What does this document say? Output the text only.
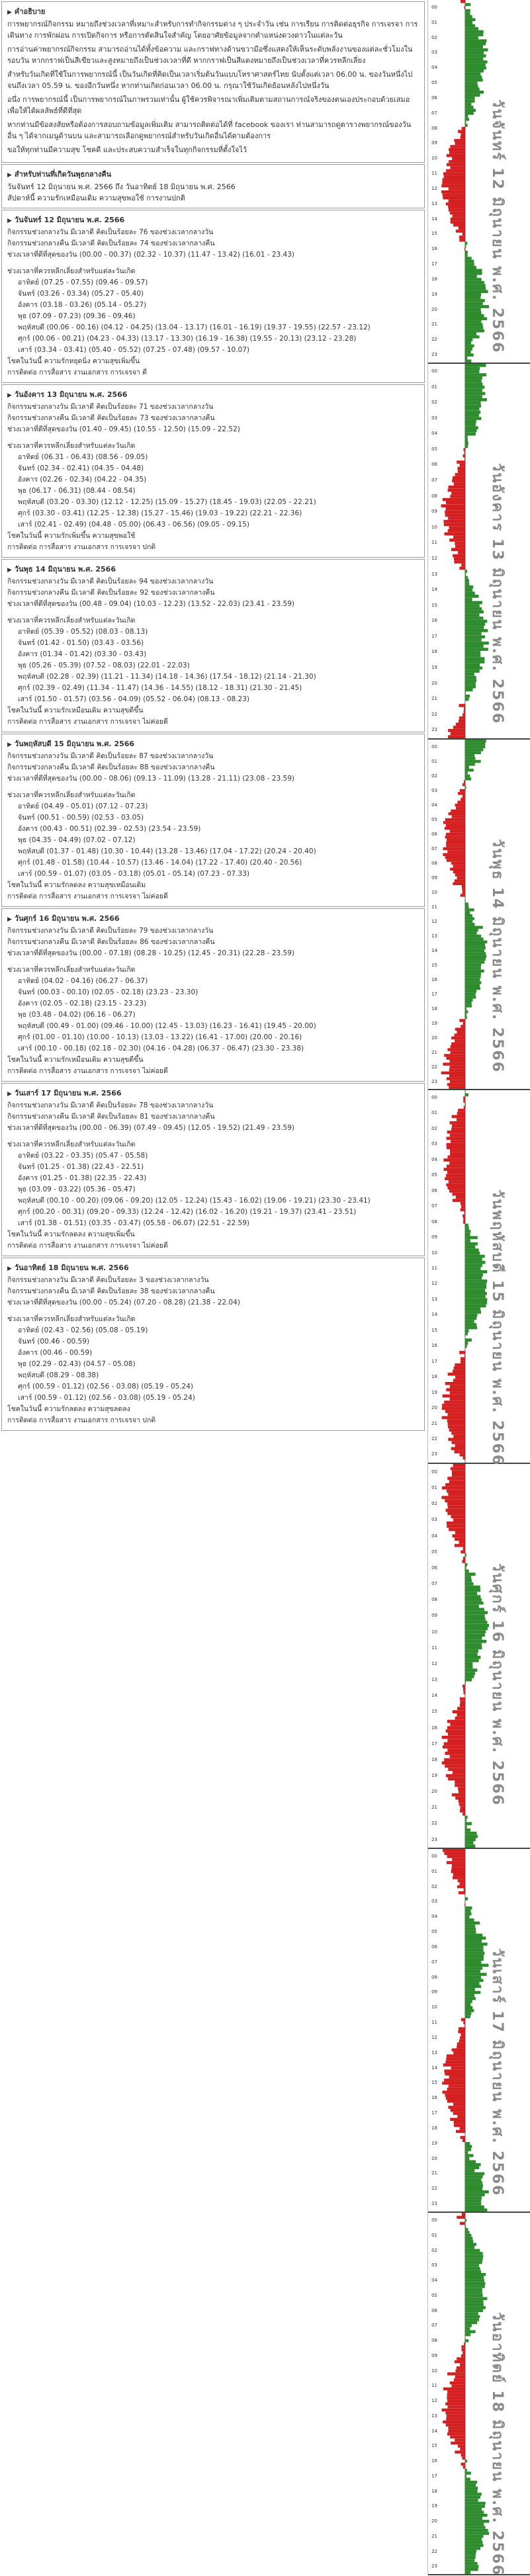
▶ คำอธิบาย

การพยากรณ์กิจกรรม หมายถึงช่วงเวลาที่เหมาะสำหรับการทำกิจกรรมต่าง ๆ ประจำวัน เช่น การเรียน การติดต่อธุรกิจ การเจรจา การเดินทาง การพักผ่อน การเปิดกิจการ หรือการตัดสินใจสำคัญ โดยอาศัยข้อมูลจากตำแหน่งดวงดาวในแต่ละวัน

การอ่านค่าพยากรณ์กิจกรรม สามารถอ่านได้ทั้งข้อความ และกราฟทางด้านขวามือซึ่งแสดงให้เห็นระดับพลังงานของแต่ละชั่วโมงในรอบวัน หากกราฟเป็นสีเขียวและสูงหมายถึงเป็นช่วงเวลาที่ดี หากกราฟเป็นสีแดงหมายถึงเป็นช่วงเวลาที่ควรหลีกเลี่ยง

สำหรับวันเกิดที่ใช้ในการพยากรณ์นี้ เป็นวันเกิดที่คิดเป็นเวลาเริ่มต้นวันแบบโหราศาสตร์ไทย นับตั้งแต่เวลา 06.00 น. ของวันหนึ่งไปจนถึงเวลา 05.59 น. ของอีกวันหนึ่ง หากท่านเกิดก่อนเวลา 06.00 น. กรุณาใช้วันเกิดย้อนหลังไปหนึ่งวัน

อนึ่ง การพยากรณ์นี้ เป็นการพยากรณ์ในภาพรวมเท่านั้น ผู้ใช้ควรพิจารณาเพิ่มเติมตามสถานการณ์จริงของตนเองประกอบด้วยเสมอ เพื่อให้ได้ผลลัพธ์ที่ดีที่สุด

หากท่านมีข้อสงสัยหรือต้องการสอบถามข้อมูลเพิ่มเติม สามารถติดต่อได้ที่ facebook ของเรา ท่านสามารถดูตารางพยากรณ์ของวันอื่น ๆ ได้จากเมนูด้านบน และสามารถเลือกดูพยากรณ์สำหรับวันเกิดอื่นได้ตามต้องการ

ขอให้ทุกท่านมีความสุข โชคดี และประสบความสำเร็จในทุกกิจกรรมที่ตั้งใจไว้

▶ สำหรับท่านที่เกิดวันพุธกลางคืน
วันจันทร์ 12 มิถุนายน พ.ศ. 2566 ถึง วันอาทิตย์ 18 มิถุนายน พ.ศ. 2566
สัปดาห์นี้ ความรักเหมือนเดิม ความสุขพอใช้ การงานปกติ
▶ วันจันทร์ 12 มิถุนายน พ.ศ. 2566
กิจกรรมช่วงกลางวัน มีเวลาดี คิดเป็นร้อยละ 76 ของช่วงเวลากลางวัน
กิจกรรมช่วงกลางคืน มีเวลาดี คิดเป็นร้อยละ 74 ของช่วงเวลากลางคืน
ช่วงเวลาที่ดีที่สุดของวัน (00.00 - 00.37) (02.32 - 10.37) (11.47 - 13.42) (16.01 - 23.43)
ช่วงเวลาที่ควรหลีกเลี่ยงสำหรับแต่ละวันเกิด
อาทิตย์ (07.25 - 07.55) (09.46 - 09.57)
จันทร์ (03.26 - 03.34) (05.27 - 05.40)
อังคาร (03.18 - 03.26) (05.14 - 05.27)
พุธ (07.09 - 07.23) (09.36 - 09.46)
พฤหัสบดี (00.06 - 00.16) (04.12 - 04.25) (13.04 - 13.17) (16.01 - 16.19) (19.37 - 19.55) (22.57 - 23.12)
ศุกร์ (00.06 - 00.21) (04.23 - 04.33) (13.17 - 13.30) (16.19 - 16.38) (19.55 - 20.13) (23.12 - 23.28)
เสาร์ (03.34 - 03.41) (05.40 - 05.52) (07.25 - 07.48) (09.57 - 10.07)
โชคในวันนี้ ความรักหยุดนิ่ง ความสุขเพิ่มขึ้น
การติดต่อ การสื่อสาร งานเอกสาร การเจรจา ดี
▶ วันอังคาร 13 มิถุนายน พ.ศ. 2566
กิจกรรมช่วงกลางวัน มีเวลาดี คิดเป็นร้อยละ 71 ของช่วงเวลากลางวัน
กิจกรรมช่วงกลางคืน มีเวลาดี คิดเป็นร้อยละ 73 ของช่วงเวลากลางคืน
ช่วงเวลาที่ดีที่สุดของวัน (01.40 - 09.45) (10.55 - 12.50) (15.09 - 22.52)
ช่วงเวลาที่ควรหลีกเลี่ยงสำหรับแต่ละวันเกิด
อาทิตย์ (06.31 - 06.43) (08.56 - 09.05)
จันทร์ (02.34 - 02.41) (04.35 - 04.48)
อังคาร (02.26 - 02.34) (04.22 - 04.35)
พุธ (06.17 - 06.31) (08.44 - 08.54)
พฤหัสบดี (03.20 - 03.30) (12.12 - 12.25) (15.09 - 15.27) (18.45 - 19.03) (22.05 - 22.21)
ศุกร์ (03.30 - 03.41) (12.25 - 12.38) (15.27 - 15.46) (19.03 - 19.22) (22.21 - 22.36)
เสาร์ (02.41 - 02.49) (04.48 - 05.00) (06.43 - 06.56) (09.05 - 09.15)
โชคในวันนี้ ความรักเพิ่มขึ้น ความสุขพอใช้
การติดต่อ การสื่อสาร งานเอกสาร การเจรจา ปกติ
▶ วันพุธ 14 มิถุนายน พ.ศ. 2566
กิจกรรมช่วงกลางวัน มีเวลาดี คิดเป็นร้อยละ 94 ของช่วงเวลากลางวัน
กิจกรรมช่วงกลางคืน มีเวลาดี คิดเป็นร้อยละ 92 ของช่วงเวลากลางคืน
ช่วงเวลาที่ดีที่สุดของวัน (00.48 - 09.04) (10.03 - 12.23) (13.52 - 22.03) (23.41 - 23.59)
ช่วงเวลาที่ควรหลีกเลี่ยงสำหรับแต่ละวันเกิด
อาทิตย์ (05.39 - 05.52) (08.03 - 08.13)
จันทร์ (01.42 - 01.50) (03.43 - 03.56)
อังคาร (01.34 - 01.42) (03.30 - 03.43)
พุธ (05.26 - 05.39) (07.52 - 08.03) (22.01 - 22.03)
พฤหัสบดี (02.28 - 02.39) (11.21 - 11.34) (14.18 - 14.36) (17.54 - 18.12) (21.14 - 21.30)
ศุกร์ (02.39 - 02.49) (11.34 - 11.47) (14.36 - 14.55) (18.12 - 18.31) (21.30 - 21.45)
เสาร์ (01.50 - 01.57) (03.56 - 04.09) (05.52 - 06.04) (08.13 - 08.23)
โชคในวันนี้ ความรักเหมือนเดิม ความสุขดีขึ้น
การติดต่อ การสื่อสาร งานเอกสาร การเจรจา ไม่ค่อยดี
▶ วันพฤหัสบดี 15 มิถุนายน พ.ศ. 2566
กิจกรรมช่วงกลางวัน มีเวลาดี คิดเป็นร้อยละ 87 ของช่วงเวลากลางวัน
กิจกรรมช่วงกลางคืน มีเวลาดี คิดเป็นร้อยละ 88 ของช่วงเวลากลางคืน
ช่วงเวลาที่ดีที่สุดของวัน (00.00 - 08.06) (09.13 - 11.09) (13.28 - 21.11) (23.08 - 23.59)
ช่วงเวลาที่ควรหลีกเลี่ยงสำหรับแต่ละวันเกิด
อาทิตย์ (04.49 - 05.01) (07.12 - 07.23)
จันทร์ (00.51 - 00.59) (02.53 - 03.05)
อังคาร (00.43 - 00.51) (02.39 - 02.53) (23.54 - 23.59)
พุธ (04.35 - 04.49) (07.02 - 07.12)
พฤหัสบดี (01.37 - 01.48) (10.30 - 10.44) (13.28 - 13.46) (17.04 - 17.22) (20.24 - 20.40)
ศุกร์ (01.48 - 01.58) (10.44 - 10.57) (13.46 - 14.04) (17.22 - 17.40) (20.40 - 20.56)
เสาร์ (00.59 - 01.07) (03.05 - 03.18) (05.01 - 05.14) (07.23 - 07.33)
โชคในวันนี้ ความรักลดลง ความสุขเหมือนเดิม
การติดต่อ การสื่อสาร งานเอกสาร การเจรจา ไม่ค่อยดี
▶ วันศุกร์ 16 มิถุนายน พ.ศ. 2566
กิจกรรมช่วงกลางวัน มีเวลาดี คิดเป็นร้อยละ 79 ของช่วงเวลากลางวัน
กิจกรรมช่วงกลางคืน มีเวลาดี คิดเป็นร้อยละ 86 ของช่วงเวลากลางคืน
ช่วงเวลาที่ดีที่สุดของวัน (00.00 - 07.18) (08.28 - 10.25) (12.45 - 20.31) (22.28 - 23.59)
ช่วงเวลาที่ควรหลีกเลี่ยงสำหรับแต่ละวันเกิด
อาทิตย์ (04.02 - 04.16) (06.27 - 06.37)
จันทร์ (00.03 - 00.10) (02.05 - 02.18) (23.23 - 23.30)
อังคาร (02.05 - 02.18) (23.15 - 23.23)
พุธ (03.48 - 04.02) (06.16 - 06.27)
พฤหัสบดี (00.49 - 01.00) (09.46 - 10.00) (12.45 - 13.03) (16.23 - 16.41) (19.45 - 20.00)
ศุกร์ (01.00 - 01.10) (10.00 - 10.13) (13.03 - 13.22) (16.41 - 17.00) (20.00 - 20.16)
เสาร์ (00.10 - 00.18) (02.18 - 02.30) (04.16 - 04.28) (06.37 - 06.47) (23.30 - 23.38)
โชคในวันนี้ ความรักเหมือนเดิม ความสุขดีขึ้น
การติดต่อ การสื่อสาร งานเอกสาร การเจรจา ไม่ค่อยดี
▶ วันเสาร์ 17 มิถุนายน พ.ศ. 2566
กิจกรรมช่วงกลางวัน มีเวลาดี คิดเป็นร้อยละ 78 ของช่วงเวลากลางวัน
กิจกรรมช่วงกลางคืน มีเวลาดี คิดเป็นร้อยละ 81 ของช่วงเวลากลางคืน
ช่วงเวลาที่ดีที่สุดของวัน (00.00 - 06.39) (07.49 - 09.45) (12.05 - 19.52) (21.49 - 23.59)
ช่วงเวลาที่ควรหลีกเลี่ยงสำหรับแต่ละวันเกิด
อาทิตย์ (03.22 - 03.35) (05.47 - 05.58)
จันทร์ (01.25 - 01.38) (22.43 - 22.51)
อังคาร (01.25 - 01.38) (22.35 - 22.43)
พุธ (03.09 - 03.22) (05.36 - 05.47)
พฤหัสบดี (00.10 - 00.20) (09.06 - 09.20) (12.05 - 12.24) (15.43 - 16.02) (19.06 - 19.21) (23.30 - 23.41)
ศุกร์ (00.20 - 00.31) (09.20 - 09.33) (12.24 - 12.42) (16.02 - 16.20) (19.21 - 19.37) (23.41 - 23.51)
เสาร์ (01.38 - 01.51) (03.35 - 03.47) (05.58 - 06.07) (22.51 - 22.59)
โชคในวันนี้ ความรักลดลง ความสุขเพิ่มขึ้น
การติดต่อ การสื่อสาร งานเอกสาร การเจรจา ไม่ค่อยดี
▶ วันอาทิตย์ 18 มิถุนายน พ.ศ. 2566
กิจกรรมช่วงกลางวัน มีเวลาดี คิดเป็นร้อยละ 3 ของช่วงเวลากลางวัน
กิจกรรมช่วงกลางคืน มีเวลาดี คิดเป็นร้อยละ 38 ของช่วงเวลากลางคืน
ช่วงเวลาที่ดีที่สุดของวัน (00.00 - 05.24) (07.20 - 08.28) (21.38 - 22.04)
ช่วงเวลาที่ควรหลีกเลี่ยงสำหรับแต่ละวันเกิด
อาทิตย์ (02.43 - 02.56) (05.08 - 05.19)
จันทร์ (00.46 - 00.59)
อังคาร (00.46 - 00.59)
พุธ (02.29 - 02.43) (04.57 - 05.08)
พฤหัสบดี (08.29 - 08.38)
ศุกร์ (00.59 - 01.12) (02.56 - 03.08) (05.19 - 05.24)
เสาร์ (00.59 - 01.12) (02.56 - 03.08) (05.19 - 05.24)
โชคในวันนี้ ความรักลดลง ความสุขลดลง
การติดต่อ การสื่อสาร งานเอกสาร การเจรจา ปกติ
00
01
02
03
04
05
06
07
08
09
10
11
12
13
14
15
16
17
18
19
20
21
22
23
วันจันทร์ 12 มิถุนายน พ.ศ. 2566
00
01
02
03
04
05
06
07
08
09
10
11
12
13
14
15
16
17
18
19
20
21
22
23
วันอังคาร 13 มิถุนายน พ.ศ. 2566
00
01
02
03
04
05
06
07
08
09
10
11
12
13
14
15
16
17
18
19
20
21
22
23
วันพุธ 14 มิถุนายน พ.ศ. 2566
00
01
02
03
04
05
06
07
08
09
10
11
12
13
14
15
16
17
18
19
20
21
22
23	วันพฤหัสบดี 15 มิถุนายน พ.ศ. 2566
00
01
02
03
04
05
06
07
08
09
10
11
12
13
14
15
16
17
18
19
20
21
22
23
วันศุกร์ 16 มิถุนายน พ.ศ. 2566
00
01
02
03
04
05
06
07
08
09
10
11
12
13
14
15
16
17
18
19
20
21
22
23
วันเสาร์ 17 มิถุนายน พ.ศ. 2566
00
01
02
03
04
05
06
07
08
09
10
11
12
13
14
15
16
17
18
19
20
21
22
23	วันอาทิตย์ 18 มิถุนายน พ.ศ. 2566
